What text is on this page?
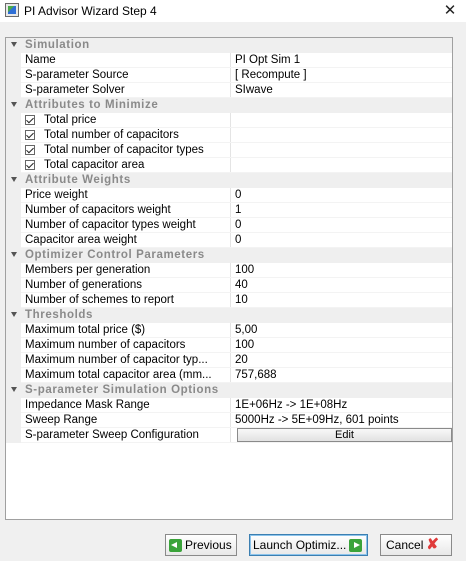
PI Advisor Wizard Step 4	✕
Simulation
Name	PI Opt Sim 1
S-parameter Source	[ Recompute ]
S-parameter Solver	SIwave
Attributes to Minimize
Total price
Total number of capacitors
Total number of capacitor types
Total capacitor area
Attribute Weights
Price weight	0
Number of capacitors weight	1
Number of capacitor types weight	0
Capacitor area weight	0
Optimizer Control Parameters
Members per generation	100
Number of generations	40
Number of schemes to report	10
Thresholds
Maximum total price ($)	5,00
Maximum number of capacitors	100
Maximum number of capacitor typ...	20
Maximum total capacitor area (mm...	757,688
S-parameter Simulation Options
Impedance Mask Range	1E+06Hz -> 1E+08Hz
Sweep Range	5000Hz -> 5E+09Hz, 601 points
S-parameter Sweep Configuration	Edit
Previous Launch Optimiz...	Cancel ✘
